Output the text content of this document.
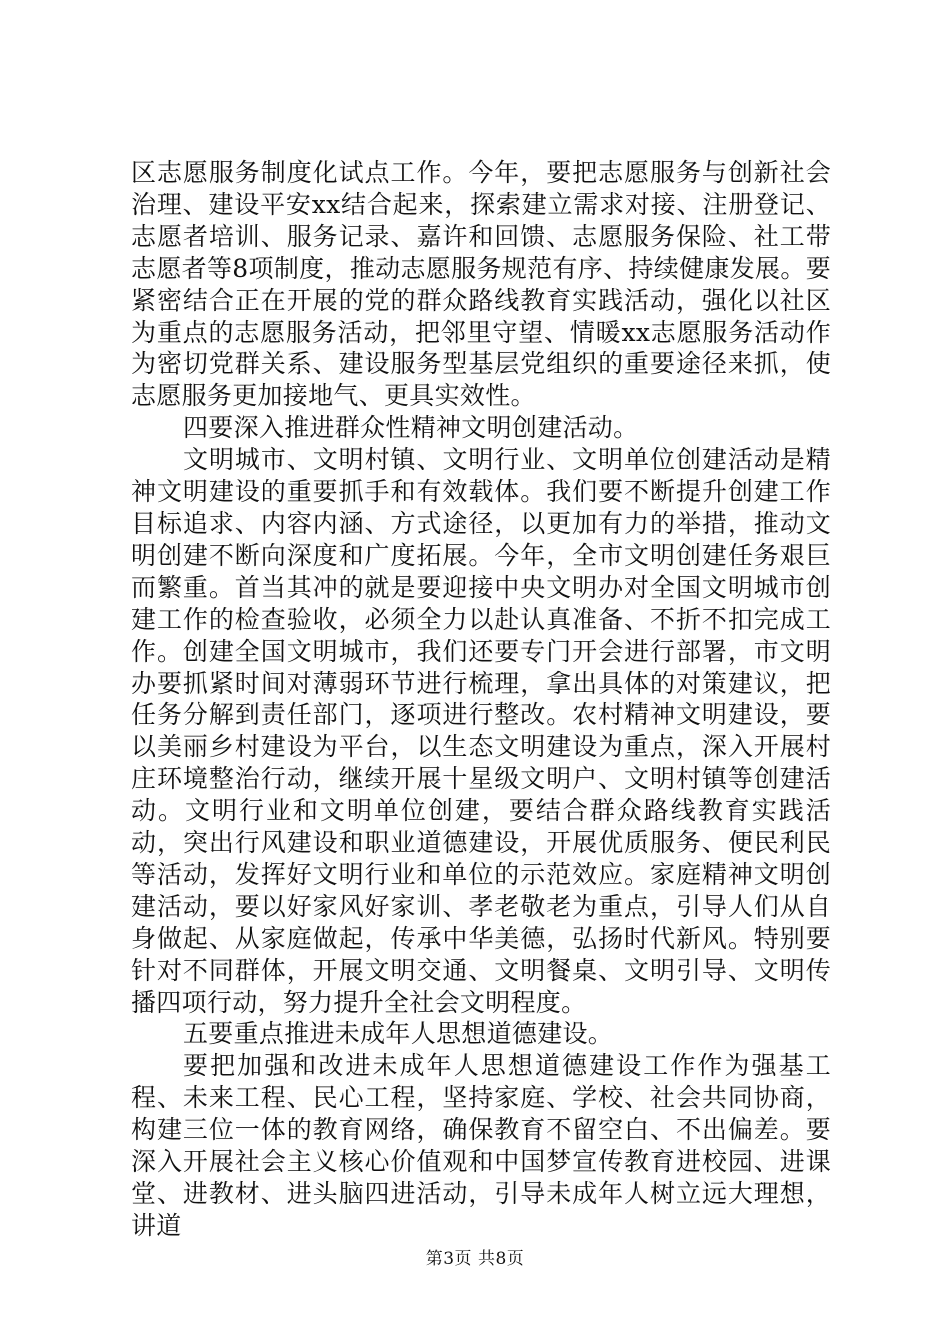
区志愿服务制度化试点工作。今年，要把志愿服务与创新社会治理、建设平安xx结合起来，探索建立需求对接、注册登记、志愿者培训、服务记录、嘉许和回馈、志愿服务保险、社工带志愿者等8项制度，推动志愿服务规范有序、持续健康发展。要紧密结合正在开展的党的群众路线教育实践活动，强化以社区为重点的志愿服务活动，把邻里守望、情暖xx志愿服务活动作为密切党群关系、建设服务型基层党组织的重要途径来抓，使志愿服务更加接地气、更具实效性。

四要深入推进群众性精神文明创建活动。

文明城市、文明村镇、文明行业、文明单位创建活动是精神文明建设的重要抓手和有效载体。我们要不断提升创建工作目标追求、内容内涵、方式途径，以更加有力的举措，推动文明创建不断向深度和广度拓展。今年，全市文明创建任务艰巨而繁重。首当其冲的就是要迎接中央文明办对全国文明城市创建工作的检查验收，必须全力以赴认真准备、不折不扣完成工作。创建全国文明城市，我们还要专门开会进行部署，市文明办要抓紧时间对薄弱环节进行梳理，拿出具体的对策建议，把任务分解到责任部门，逐项进行整改。农村精神文明建设，要以美丽乡村建设为平台，以生态文明建设为重点，深入开展村庄环境整治行动，继续开展十星级文明户、文明村镇等创建活动。文明行业和文明单位创建，要结合群众路线教育实践活动，突出行风建设和职业道德建设，开展优质服务、便民利民等活动，发挥好文明行业和单位的示范效应。家庭精神文明创建活动，要以好家风好家训、孝老敬老为重点，引导人们从自身做起、从家庭做起，传承中华美德，弘扬时代新风。特别要针对不同群体，开展文明交通、文明餐桌、文明引导、文明传播四项行动，努力提升全社会文明程度。

五要重点推进未成年人思想道德建设。

要把加强和改进未成年人思想道德建设工作作为强基工程、未来工程、民心工程，坚持家庭、学校、社会共同协商，构建三位一体的教育网络，确保教育不留空白、不出偏差。要深入开展社会主义核心价值观和中国梦宣传教育进校园、进课堂、进教材、进头脑四进活动，引导未成年人树立远大理想，讲道

第3页 共8页
